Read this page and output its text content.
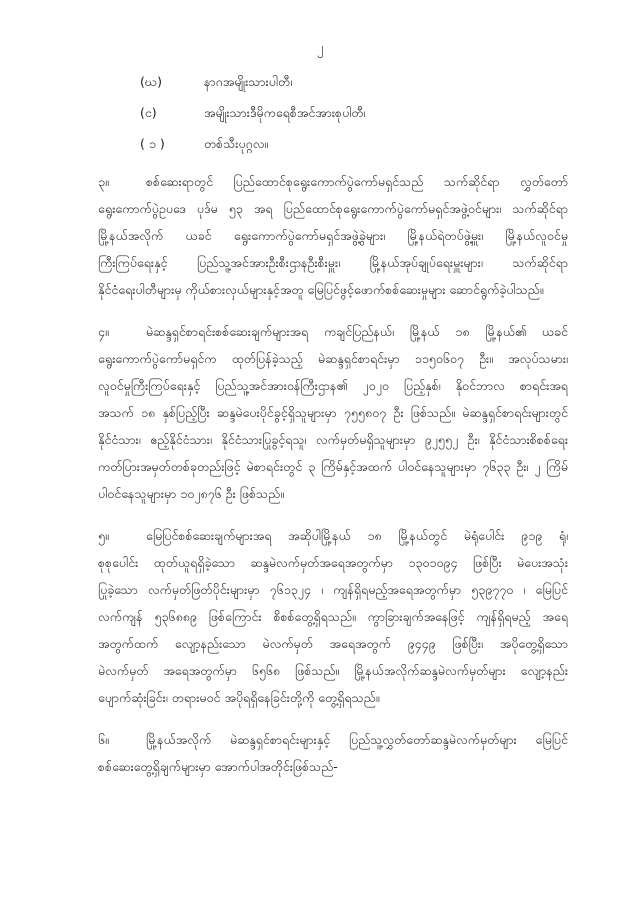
၂
(ဃ)	နာဂအမျိုးသားပါတီ၊
(င)	အမျိုးသားဒီမိုကရေစီအင်အားစုပါတီ၊
( ၁ )	တစ်သီးပုဂ္ဂလ။
၃။	စစ်ဆေးရာတွင် ပြည်ထောင်စုရွေးကောက်ပွဲကော်မရှင်သည် သက်ဆိုင်ရာ လွှတ်တော်
ရွေးကောက်ပွဲဥပဒေ ပုဒ်မ ၅၃ အရ ပြည်ထောင်စုရွေးကောက်ပွဲကော်မရှင်အဖွဲ့ဝင်များ၊ သက်ဆိုင်ရာ
မြို့နယ်အလိုက် ယခင် ရွေးကောက်ပွဲကော်မရှင်အဖွဲ့ခွဲများ၊ မြို့နယ်ရဲတပ်ဖွဲ့မှူး၊ မြို့နယ်လူဝင်မှု
ကြီးကြပ်ရေးနှင့် ပြည်သူ့အင်အားဦးစီးဌာနဦးစီးမှူး၊ မြို့နယ်အုပ်ချုပ်ရေးမှူးများ၊ သက်ဆိုင်ရာ
နိုင်ငံရေးပါတီများမှ ကိုယ်စားလှယ်များနှင့်အတူ မြေပြင်ဖွင့်ဖောက်စစ်ဆေးမှုများ ဆောင်ရွက်ခဲ့ပါသည်။
၄။	မဲဆန္ဒရှင်စာရင်းစစ်ဆေးချက်များအရ ကချင်ပြည်နယ်၊ မြို့နယ် ၁၈ မြို့နယ်၏ ယခင်
ရွေးကောက်ပွဲကော်မရှင်က ထုတ်ပြန်ခဲ့သည့် မဲဆန္ဒရှင်စာရင်းမှာ ၁၁၅၀၆၀၇ ဦး။ အလုပ်သမား၊
လူဝင်မှုကြီးကြပ်ရေးနှင့် ပြည်သူ့အင်အားဝန်ကြီးဌာန၏ ၂၀၂၀ ပြည့်နှစ်၊ နိုဝင်ဘာလ စာရင်းအရ
အသက် ၁၈ နှစ်ပြည့်ပြီး ဆန္ဒမဲပေးပိုင်ခွင့်ရှိသူများမှာ ၇၅၅၈၀၇ ဦး ဖြစ်သည်။ မဲဆန္ဒရှင်စာရင်းများတွင်
နိုင်ငံသား၊ ဧည့်နိုင်ငံသား၊ နိုင်ငံသားပြုခွင့်ရသူ၊ လက်မှတ်မရှိသူများမှာ ၉၂၅၅၂ ဦး၊ နိုင်ငံသားစိစစ်ရေး
ကတ်ပြားအမှတ်တစ်ခုတည်းဖြင့် မဲစာရင်းတွင် ၃ ကြိမ်နှင့်အထက် ပါဝင်နေသူများမှာ ၇၆၃၃ ဦး၊ ၂ ကြိမ်
ပါဝင်နေသူများမှာ ၁၀၂၈၇၆ ဦး ဖြစ်သည်။
၅။	မြေပြင်စစ်ဆေးချက်များအရ အဆိုပါမြို့နယ် ၁၈ မြို့နယ်တွင် မဲရုံပေါင်း ၉၁၉ ရုံ၊
စုစုပေါင်း ထုတ်ယူရရှိခဲ့သော ဆန္ဒမဲလက်မှတ်အရေအတွက်မှာ ၁၃၀၁၀၉၄ ဖြစ်ပြီး မဲပေးအသုံး
ပြုခဲ့သော လက်မှတ်ဖြတ်ပိုင်းများမှာ ၇၆၁၃၂၄ ၊ ကျန်ရှိရမည့်အရေအတွက်မှာ ၅၃၉၇၇၀ ၊ မြေပြင်
လက်ကျန် ၅၃၆၈၈၉ ဖြစ်ကြောင်း စိစစ်တွေ့ရှိရသည်။ ကွာခြားချက်အနေဖြင့် ကျန်ရှိရမည့် အရေ
အတွက်ထက် လျော့နည်းသော မဲလက်မှတ် အရေအတွက် ၉၄၄၉ ဖြစ်ပြီး၊ အပိုတွေ့ရှိသော
မဲလက်မှတ် အရေအတွက်မှာ ၆၅၆၈ ဖြစ်သည်။ မြို့နယ်အလိုက်ဆန္ဒမဲလက်မှတ်များ လျော့နည်း
ပျောက်ဆုံးခြင်း၊ တရားမဝင် အပိုရရှိနေခြင်းတို့ကို တွေ့ရှိရသည်။
၆။	မြို့နယ်အလိုက် မဲဆန္ဒရှင်စာရင်းများနှင့် ပြည်သူ့လွှတ်တော်ဆန္ဒမဲလက်မှတ်များ မြေပြင်
စစ်ဆေးတွေ့ရှိချက်များမှာ အောက်ပါအတိုင်းဖြစ်သည်-
